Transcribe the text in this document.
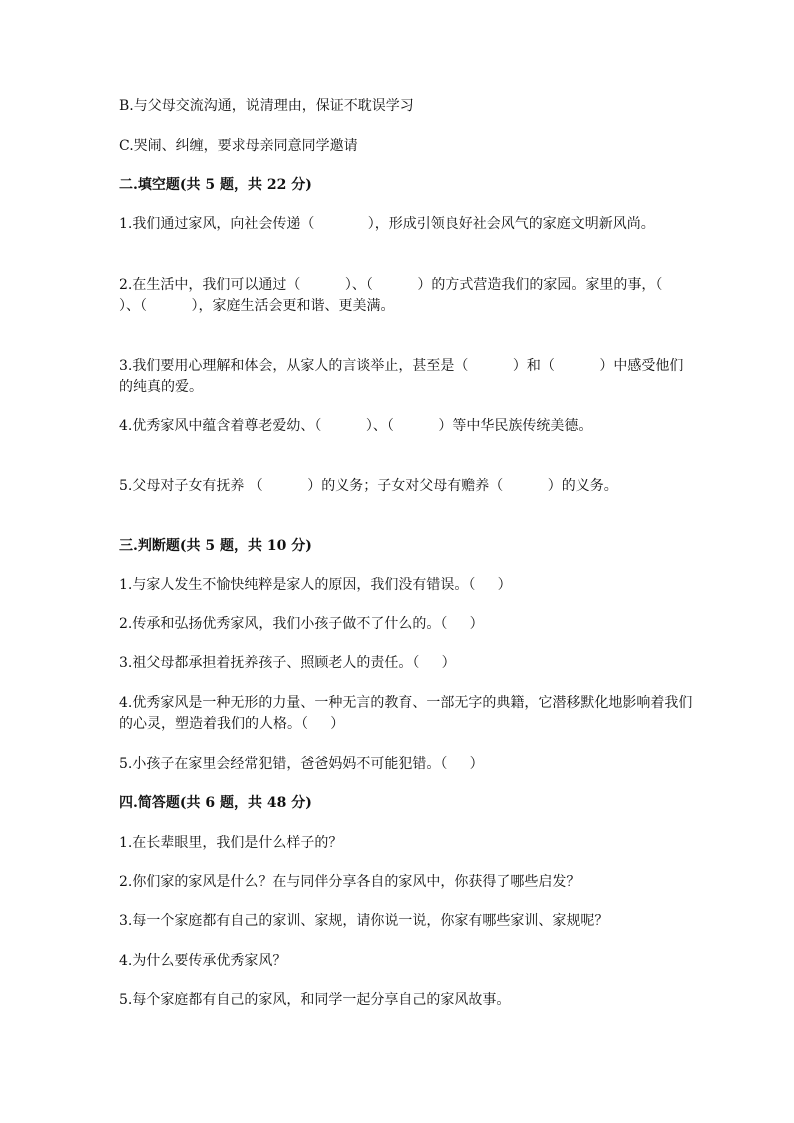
B.与父母交流沟通，说清理由，保证不耽误学习

C.哭闹、纠缠，要求母亲同意同学邀请

二.填空题(共 5 题，共 22 分)

1.我们通过家风，向社会传递（            ），形成引领良好社会风气的家庭文明新风尚。

2.在生活中，我们可以通过（          ）、（          ）的方式营造我们的家园。家里的事，（          ）、（          ），家庭生活会更和谐、更美满。

3.我们要用心理解和体会，从家人的言谈举止，甚至是（          ）和（          ）中感受他们的纯真的爱。

4.优秀家风中蕴含着尊老爱幼、（          ）、（          ）等中华民族传统美德。

5.父母对子女有抚养 （          ）的义务；子女对父母有赡养（          ）的义务。

三.判断题(共 5 题，共 10 分)

1.与家人发生不愉快纯粹是家人的原因，我们没有错误。（     ）

2.传承和弘扬优秀家风，我们小孩子做不了什么的。（     ）

3.祖父母都承担着抚养孩子、照顾老人的责任。（     ）

4.优秀家风是一种无形的力量、一种无言的教育、一部无字的典籍，它潜移默化地影响着我们的心灵，塑造着我们的人格。（     ）

5.小孩子在家里会经常犯错，爸爸妈妈不可能犯错。（     ）

四.简答题(共 6 题，共 48 分)

1.在长辈眼里，我们是什么样子的？

2.你们家的家风是什么？在与同伴分享各自的家风中，你获得了哪些启发？

3.每一个家庭都有自己的家训、家规，请你说一说，你家有哪些家训、家规呢？

4.为什么要传承优秀家风？

5.每个家庭都有自己的家风，和同学一起分享自己的家风故事。
